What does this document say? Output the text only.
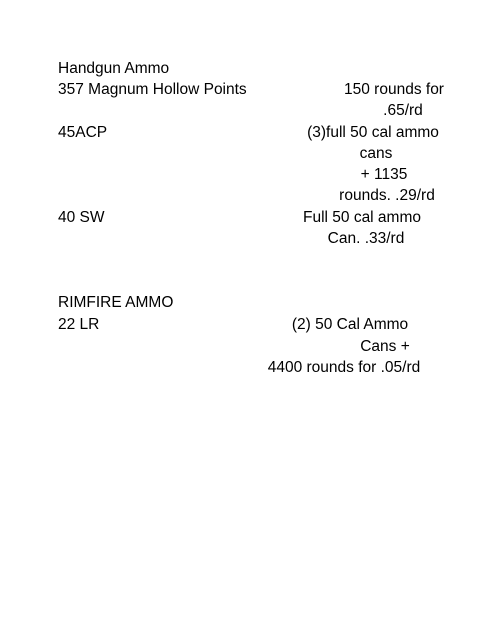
Handgun Ammo
357 Magnum Hollow Points	150 rounds for
.65/rd
45ACP	(3)full 50 cal ammo
cans
+ 1135
rounds. .29/rd
40 SW	Full 50 cal ammo
Can. .33/rd
RIMFIRE AMMO
22 LR	(2) 50 Cal Ammo
Cans +
4400 rounds for .05/rd
